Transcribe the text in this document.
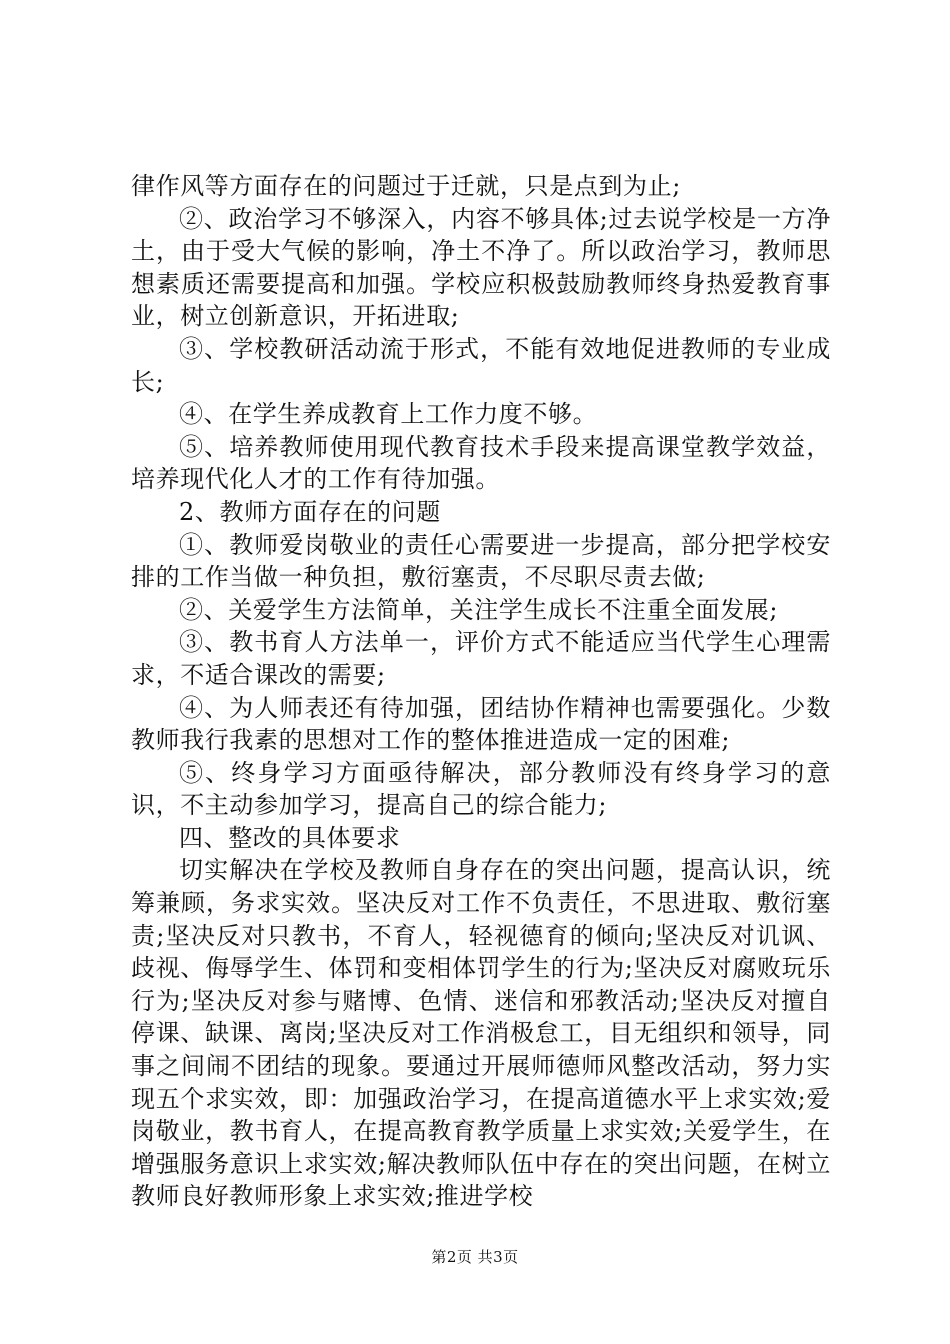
律作风等方面存在的问题过于迁就，只是点到为止;

②、政治学习不够深入，内容不够具体;过去说学校是一方净土，由于受大气候的影响，净土不净了。所以政治学习，教师思想素质还需要提高和加强。学校应积极鼓励教师终身热爱教育事业，树立创新意识，开拓进取;

③、学校教研活动流于形式，不能有效地促进教师的专业成长;

④、在学生养成教育上工作力度不够。

⑤、培养教师使用现代教育技术手段来提高课堂教学效益，培养现代化人才的工作有待加强。

2、教师方面存在的问题

①、教师爱岗敬业的责任心需要进一步提高，部分把学校安排的工作当做一种负担，敷衍塞责，不尽职尽责去做;

②、关爱学生方法简单，关注学生成长不注重全面发展;

③、教书育人方法单一，评价方式不能适应当代学生心理需求，不适合课改的需要;

④、为人师表还有待加强，团结协作精神也需要强化。少数教师我行我素的思想对工作的整体推进造成一定的困难;

⑤、终身学习方面亟待解决，部分教师没有终身学习的意识，不主动参加学习，提高自己的综合能力;

四、整改的具体要求

切实解决在学校及教师自身存在的突出问题，提高认识，统筹兼顾，务求实效。坚决反对工作不负责任，不思进取、敷衍塞责;坚决反对只教书，不育人，轻视德育的倾向;坚决反对讥讽、歧视、侮辱学生、体罚和变相体罚学生的行为;坚决反对腐败玩乐行为;坚决反对参与赌博、色情、迷信和邪教活动;坚决反对擅自停课、缺课、离岗;坚决反对工作消极怠工，目无组织和领导，同事之间闹不团结的现象。要通过开展师德师风整改活动，努力实现五个求实效，即：加强政治学习，在提高道德水平上求实效;爱岗敬业，教书育人，在提高教育教学质量上求实效;关爱学生，在增强服务意识上求实效;解决教师队伍中存在的突出问题，在树立教师良好教师形象上求实效;推进学校

第2页 共3页
